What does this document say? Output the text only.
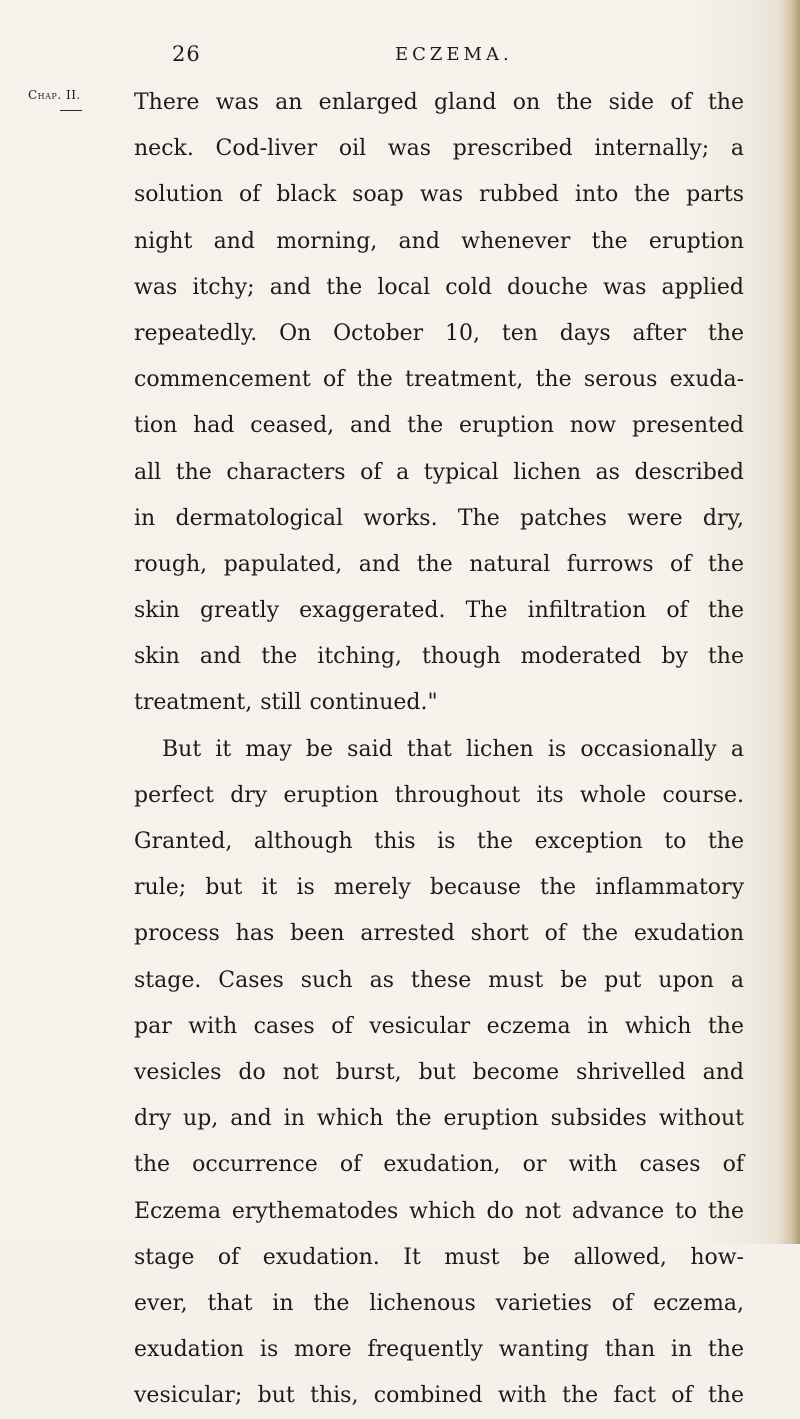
26	ECZEMA.
Chap. II. There was an enlarged gland on the side of the
neck. Cod-liver oil was prescribed internally; a
solution of black soap was rubbed into the parts
night and morning, and whenever the eruption
was itchy; and the local cold douche was applied
repeatedly. On October 10, ten days after the
commencement of the treatment, the serous exuda-
tion had ceased, and the eruption now presented
all the characters of a typical lichen as described
in dermatological works. The patches were dry,
rough, papulated, and the natural furrows of the
skin greatly exaggerated. The infiltration of the
skin and the itching, though moderated by the
treatment, still continued."
But it may be said that lichen is occasionally a
perfect dry eruption throughout its whole course.
Granted, although this is the exception to the
rule; but it is merely because the inflammatory
process has been arrested short of the exudation
stage. Cases such as these must be put upon a
par with cases of vesicular eczema in which the
vesicles do not burst, but become shrivelled and
dry up, and in which the eruption subsides without
the occurrence of exudation, or with cases of
Eczema erythematodes which do not advance to the
stage of exudation. It must be allowed, how-
ever, that in the lichenous varieties of eczema,
exudation is more frequently wanting than in the
vesicular; but this, combined with the fact of the
